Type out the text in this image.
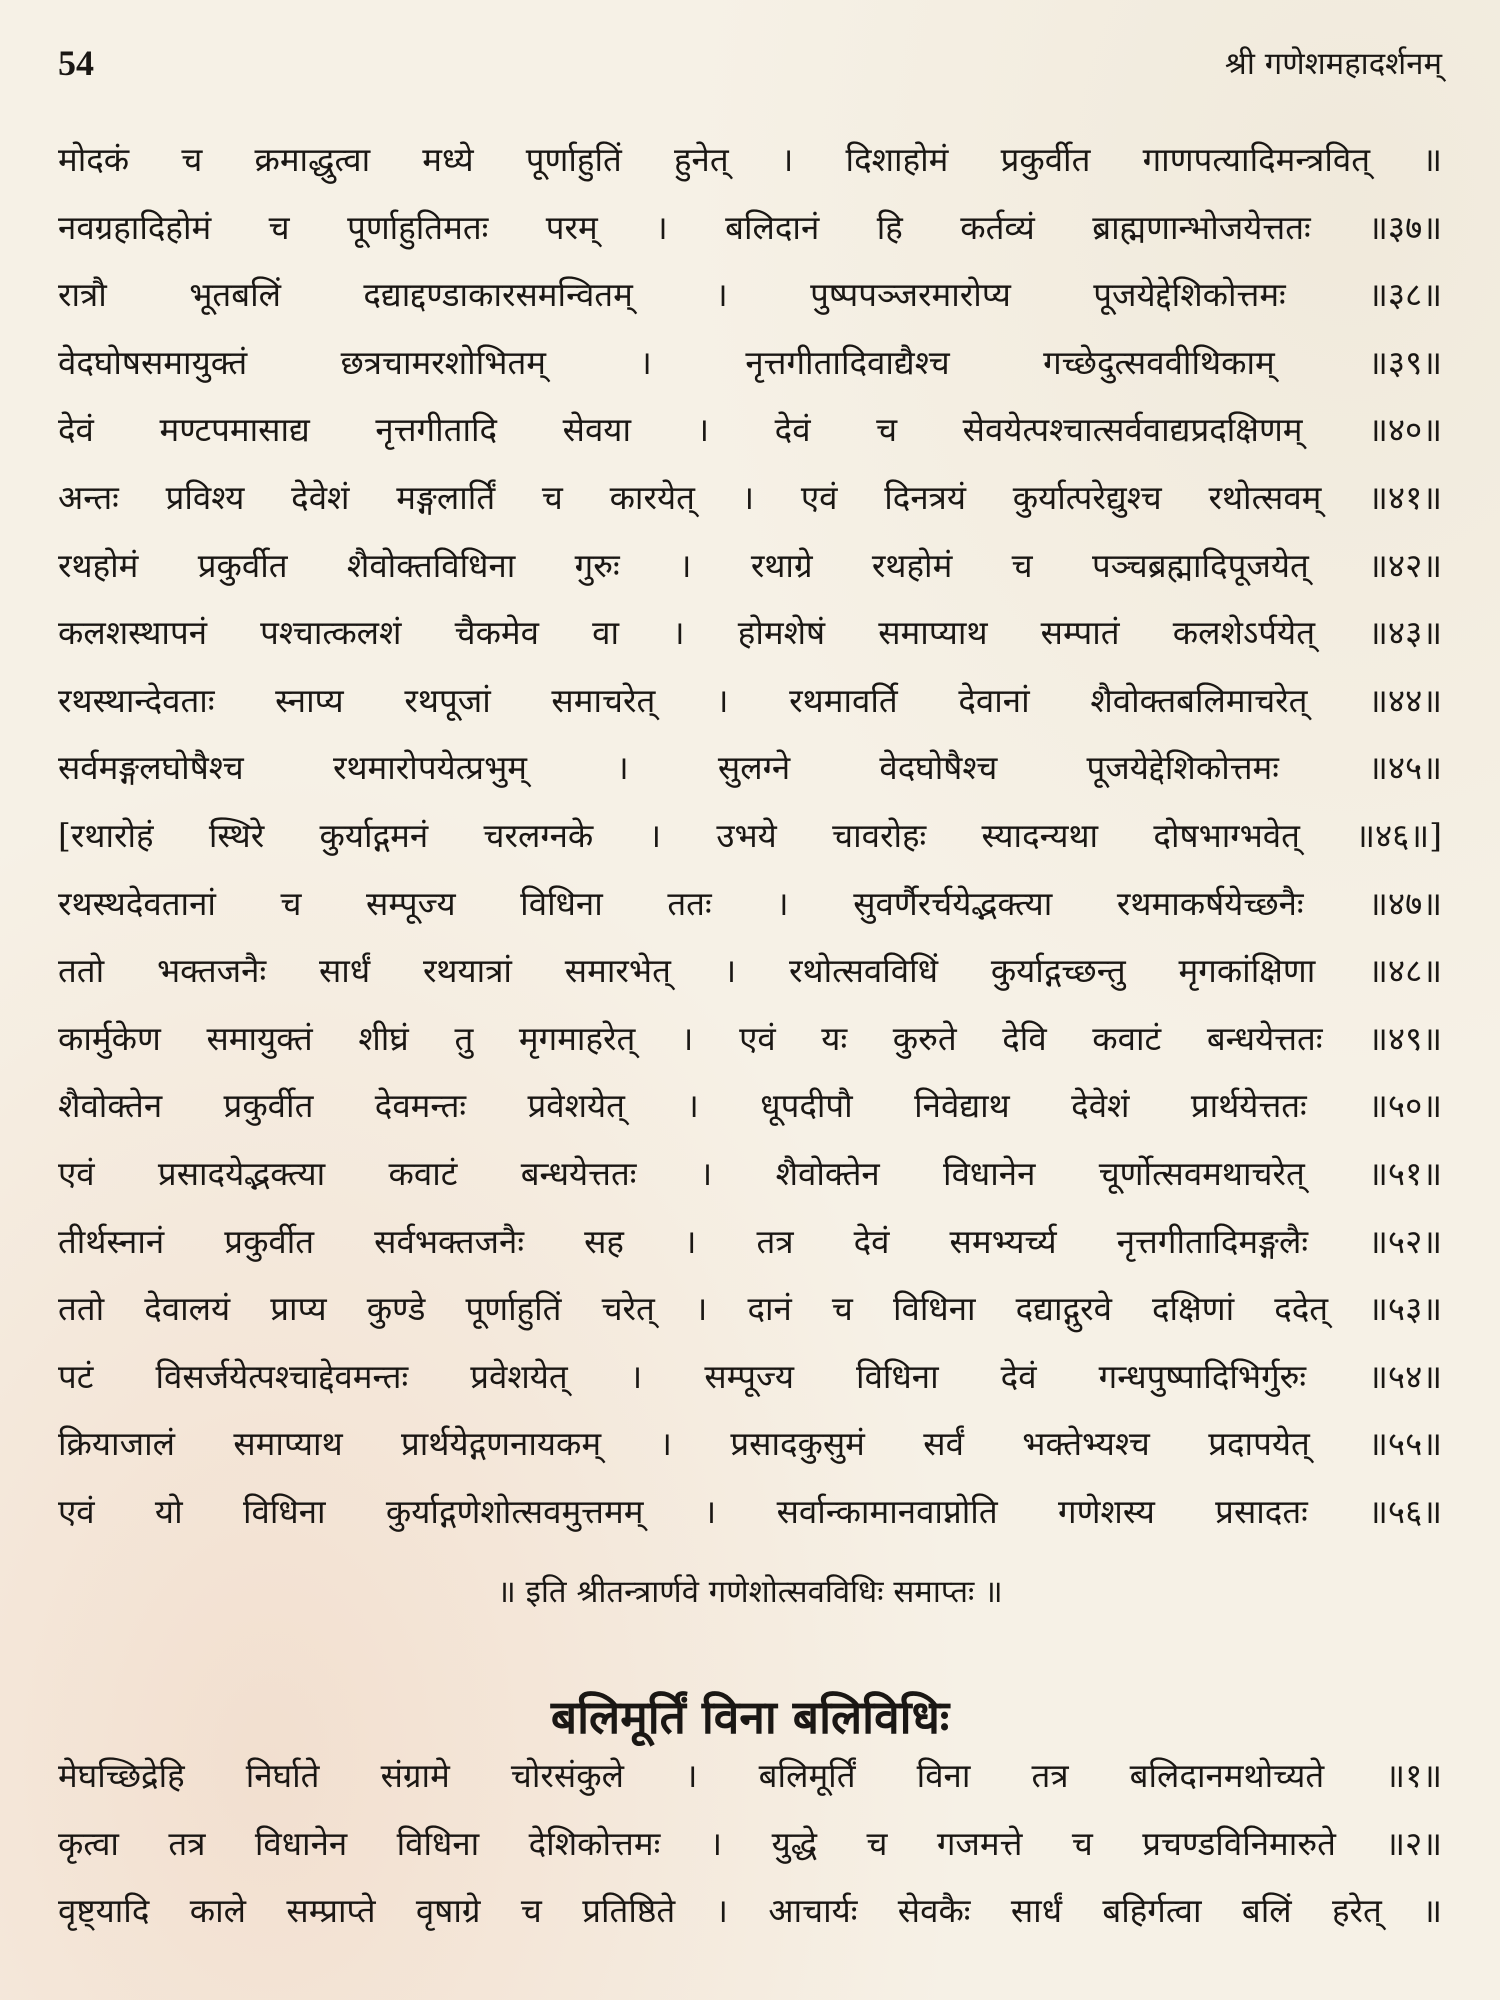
54	श्री गणेशमहादर्शनम्
मोदकं च क्रमाद्धुत्वा मध्ये पूर्णाहुतिं हुनेत् । दिशाहोमं प्रकुर्वीत गाणपत्यादिमन्त्रवित् ॥
नवग्रहादिहोमं च पूर्णाहुतिमतः परम् । बलिदानं हि कर्तव्यं ब्राह्मणान्भोजयेत्ततः ॥३७॥
रात्रौ भूतबलिं दद्याद्दण्डाकारसमन्वितम् । पुष्पपञ्जरमारोप्य पूजयेद्देशिकोत्तमः ॥३८॥
वेदघोषसमायुक्तं छत्रचामरशोभितम् । नृत्तगीतादिवाद्यैश्च गच्छेदुत्सववीथिकाम् ॥३९॥
देवं मण्टपमासाद्य नृत्तगीतादि सेवया । देवं च सेवयेत्पश्चात्सर्ववाद्यप्रदक्षिणम् ॥४०॥
अन्तः प्रविश्य देवेशं मङ्गलार्तिं च कारयेत् । एवं दिनत्रयं कुर्यात्परेद्युश्च रथोत्सवम् ॥४१॥
रथहोमं प्रकुर्वीत शैवोक्तविधिना गुरुः । रथाग्रे रथहोमं च पञ्चब्रह्मादिपूजयेत् ॥४२॥
कलशस्थापनं पश्चात्कलशं चैकमेव वा । होमशेषं समाप्याथ सम्पातं कलशेऽर्पयेत् ॥४३॥
रथस्थान्देवताः स्नाप्य रथपूजां समाचरेत् । रथमावर्ति देवानां शैवोक्तबलिमाचरेत् ॥४४॥
सर्वमङ्गलघोषैश्च रथमारोपयेत्प्रभुम् । सुलग्ने वेदघोषैश्च पूजयेद्देशिकोत्तमः ॥४५॥
[रथारोहं स्थिरे कुर्याद्गमनं चरलग्नके । उभये चावरोहः स्यादन्यथा दोषभाग्भवेत् ॥४६॥]
रथस्थदेवतानां च सम्पूज्य विधिना ततः । सुवर्णैरर्चयेद्भक्त्या रथमाकर्षयेच्छनैः ॥४७॥
ततो भक्तजनैः सार्धं रथयात्रां समारभेत् । रथोत्सवविधिं कुर्याद्गच्छन्तु मृगकांक्षिणा ॥४८॥
कार्मुकेण समायुक्तं शीघ्रं तु मृगमाहरेत् । एवं यः कुरुते देवि कवाटं बन्धयेत्ततः ॥४९॥
शैवोक्तेन प्रकुर्वीत देवमन्तः प्रवेशयेत् । धूपदीपौ निवेद्याथ देवेशं प्रार्थयेत्ततः ॥५०॥
एवं प्रसादयेद्भक्त्या कवाटं बन्धयेत्ततः । शैवोक्तेन विधानेन चूर्णोत्सवमथाचरेत् ॥५१॥
तीर्थस्नानं प्रकुर्वीत सर्वभक्तजनैः सह । तत्र देवं समभ्यर्च्य नृत्तगीतादिमङ्गलैः ॥५२॥
ततो देवालयं प्राप्य कुण्डे पूर्णाहुतिं चरेत् । दानं च विधिना दद्याद्गुरवे दक्षिणां ददेत् ॥५३॥
पटं विसर्जयेत्पश्चाद्देवमन्तः प्रवेशयेत् । सम्पूज्य विधिना देवं गन्धपुष्पादिभिर्गुरुः ॥५४॥
क्रियाजालं समाप्याथ प्रार्थयेद्गणनायकम् । प्रसादकुसुमं सर्वं भक्तेभ्यश्च प्रदापयेत् ॥५५॥
एवं यो विधिना कुर्याद्गणेशोत्सवमुत्तमम् । सर्वान्कामानवाप्नोति गणेशस्य प्रसादतः ॥५६॥
॥ इति श्रीतन्त्रार्णवे गणेशोत्सवविधिः समाप्तः ॥
बलिमूर्तिं विना बलिविधिः
मेघच्छिद्रेहि निर्घाते संग्रामे चोरसंकुले । बलिमूर्तिं विना तत्र बलिदानमथोच्यते ॥१॥
कृत्वा तत्र विधानेन विधिना देशिकोत्तमः । युद्धे च गजमत्ते च प्रचण्डविनिमारुते ॥२॥
वृष्ट्यादि काले सम्प्राप्ते वृषाग्रे च प्रतिष्ठिते । आचार्यः सेवकैः सार्धं बहिर्गत्वा बलिं हरेत् ॥
